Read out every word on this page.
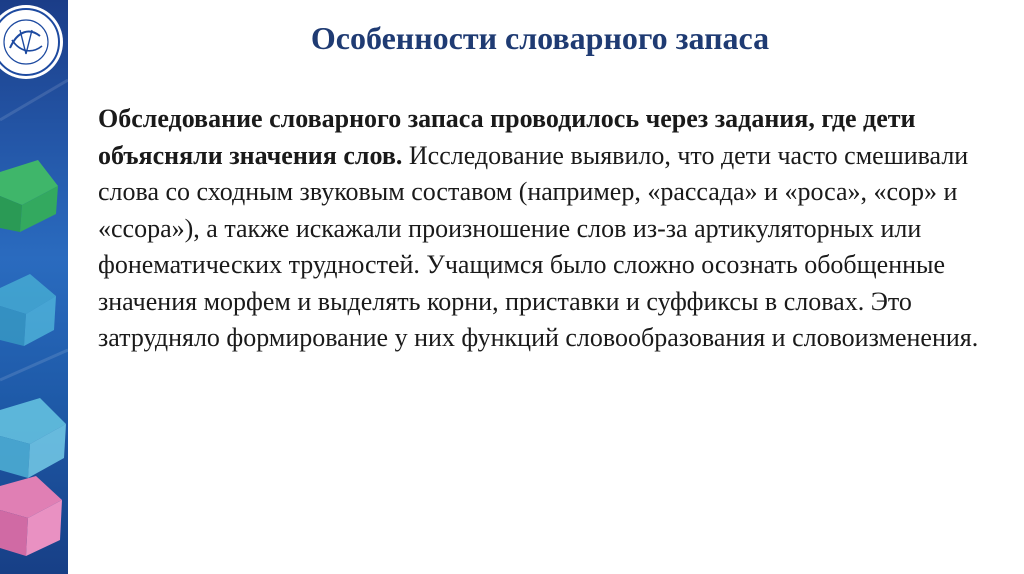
Особенности словарного запаса

Обследование словарного запаса проводилось через задания, где дети объясняли значения слов. Исследование выявило, что дети часто смешивали слова со сходным звуковым составом (например, «рассада» и «роса», «сор» и «ссора»), а также искажали произношение слов из-за артикуляторных или фонематических трудностей. Учащимся было сложно осознать обобщенные значения морфем и выделять корни, приставки и суффиксы в словах. Это затрудняло формирование у них функций словообразования и словоизменения.
